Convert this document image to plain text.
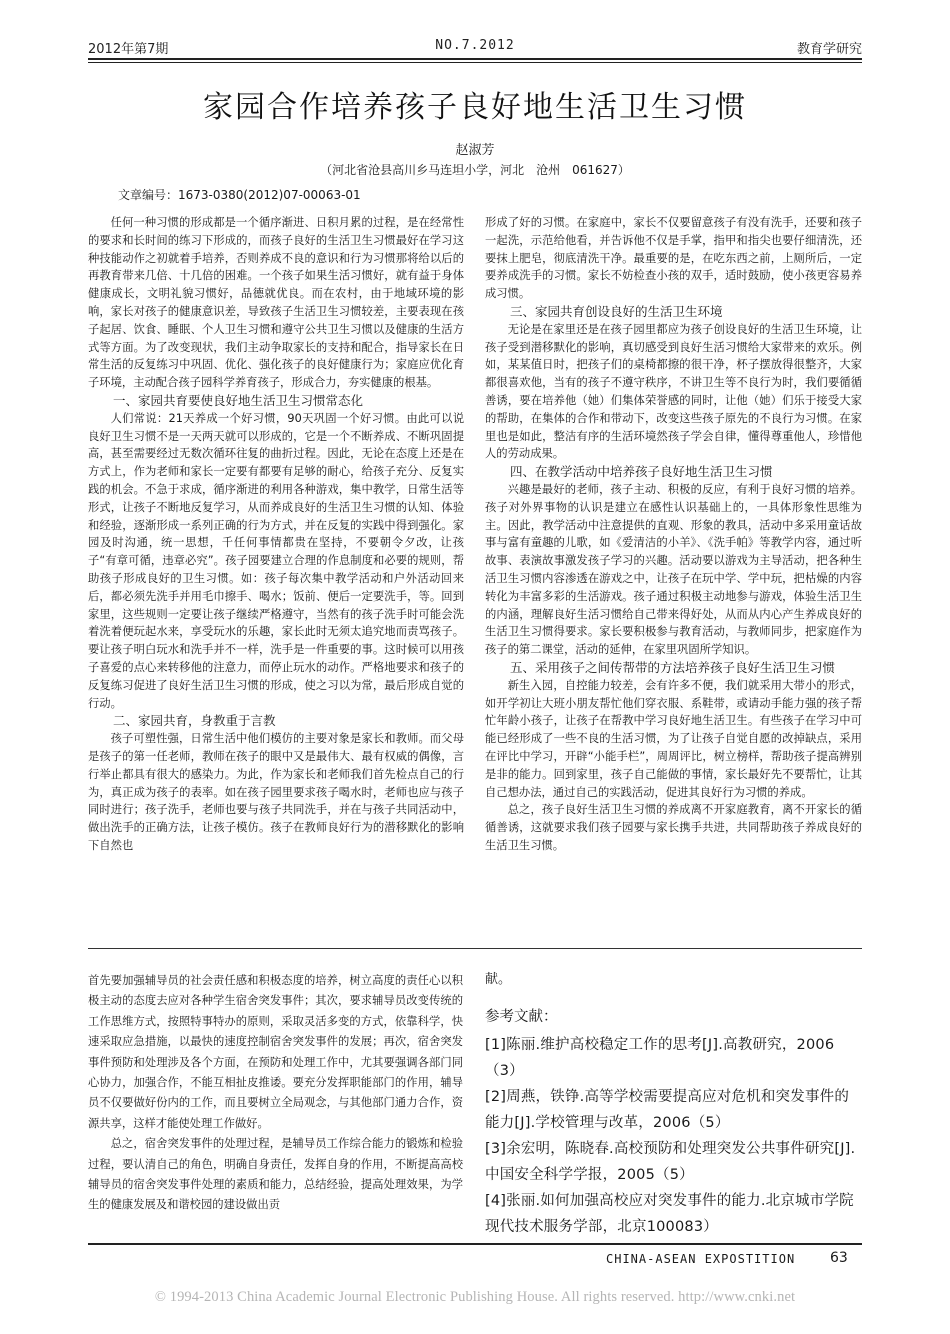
2012年第7期	NO.7.2012	教育学研究
家园合作培养孩子良好地生活卫生习惯
赵淑芳
（河北省沧县高川乡马连坦小学，河北　沧州　061627）
文章编号：1673-0380(2012)07-00063-01

任何一种习惯的形成都是一个循序渐进、日积月累的过程，是在经常性的要求和长时间的练习下形成的，而孩子良好的生活卫生习惯最好在学习这种技能动作之初就着手培养，否则养成不良的意识和行为习惯那将给以后的再教育带来几倍、十几倍的困难。一个孩子如果生活习惯好，就有益于身体健康成长，文明礼貌习惯好，品德就优良。而在农村，由于地域环境的影响，家长对孩子的健康意识差，导致孩子生活卫生习惯较差，主要表现在孩子起居、饮食、睡眠、个人卫生习惯和遵守公共卫生习惯以及健康的生活方式等方面。为了改变现状，我们主动争取家长的支持和配合，指导家长在日常生活的反复练习中巩固、优化、强化孩子的良好健康行为；家庭应优化育子环境，主动配合孩子园科学养育孩子，形成合力，夯实健康的根基。

一、家园共育要使良好地生活卫生习惯常态化

人们常说：21天养成一个好习惯，90天巩固一个好习惯。由此可以说良好卫生习惯不是一天两天就可以形成的，它是一个不断养成、不断巩固提高，甚至需要经过无数次循环往复的曲折过程。因此，无论在态度上还是在方式上，作为老师和家长一定要有都要有足够的耐心，给孩子充分、反复实践的机会。不急于求成，循序渐进的利用各种游戏，集中教学，日常生活等形式，让孩子不断地反复学习，从而养成良好的生活卫生习惯的认知、体验和经验，逐渐形成一系列正确的行为方式，并在反复的实践中得到强化。家园及时沟通，统一思想，千任何事情都贵在坚持，不要朝令夕改，让孩子“有章可循，违章必究”。孩子园要建立合理的作息制度和必要的规则，帮助孩子形成良好的卫生习惯。如：孩子每次集中教学活动和户外活动回来后，都必须先洗手并用毛巾擦手、喝水；饭前、便后一定要洗手，等。回到家里，这些规则一定要让孩子继续严格遵守，当然有的孩子洗手时可能会洗着洗着便玩起水来，享受玩水的乐趣，家长此时无须太追究地而责骂孩子。要让孩子明白玩水和洗手并不一样，洗手是一件重要的事。这时候可以用孩子喜爱的点心来转移他的注意力，而停止玩水的动作。严格地要求和孩子的反复练习促进了良好生活卫生习惯的形成，使之习以为常，最后形成自觉的行动。

二、家园共育，身教重于言教

孩子可塑性强，日常生活中他们模仿的主要对象是家长和教师。而父母是孩子的第一任老师，教师在孩子的眼中又是最伟大、最有权威的偶像，言行举止都具有很大的感染力。为此，作为家长和老师我们首先检点自己的行为，真正成为孩子的表率。如在孩子园里要求孩子喝水时，老师也应与孩子同时进行；孩子洗手，老师也要与孩子共同洗手，并在与孩子共同活动中，做出洗手的正确方法，让孩子模仿。孩子在教师良好行为的潜移默化的影响下自然也

形成了好的习惯。在家庭中，家长不仅要留意孩子有没有洗手，还要和孩子一起洗，示范给他看，并告诉他不仅是手掌，指甲和指尖也要仔细清洗，还要抹上肥皂，彻底清洗干净。最重要的是，在吃东西之前，上厕所后，一定要养成洗手的习惯。家长不妨检查小孩的双手，适时鼓励，使小孩更容易养成习惯。

三、家园共育创设良好的生活卫生环境

无论是在家里还是在孩子园里都应为孩子创设良好的生活卫生环境，让孩子受到潜移默化的影响，真切感受到良好生活习惯给大家带来的欢乐。例如，某某值日时，把孩子们的桌椅都擦的很干净，杯子摆放得很整齐，大家都很喜欢他，当有的孩子不遵守秩序，不讲卫生等不良行为时，我们要循循善诱，要在培养他（她）们集体荣誉感的同时，让他（她）们乐于接受大家的帮助，在集体的合作和带动下，改变这些孩子原先的不良行为习惯。在家里也是如此，整洁有序的生活环境然孩子学会自律，懂得尊重他人，珍惜他人的劳动成果。

四、在教学活动中培养孩子良好地生活卫生习惯

兴趣是最好的老师，孩子主动、积极的反应，有利于良好习惯的培养。孩子对外界事物的认识是建立在感性认识基础上的，一具体形象性思维为主。因此，教学活动中注意提供的直观、形象的教具，活动中多采用童话故事与富有童趣的儿歌，如《爱清洁的小羊》、《洗手帕》等教学内容，通过听故事、表演故事激发孩子学习的兴趣。活动要以游戏为主导活动，把各种生活卫生习惯内容渗透在游戏之中，让孩子在玩中学、学中玩，把枯燥的内容转化为丰富多彩的生活游戏。孩子通过积极主动地参与游戏，体验生活卫生的内涵，理解良好生活习惯给自己带来得好处，从而从内心产生养成良好的生活卫生习惯得要求。家长要积极参与教育活动，与教师同步，把家庭作为孩子的第二课堂，活动的延伸，在家里巩固所学知识。

五、采用孩子之间传帮带的方法培养孩子良好生活卫生习惯

新生入园，自控能力较差，会有许多不便，我们就采用大带小的形式，如开学初让大班小朋友帮忙他们穿衣服、系鞋带，或请动手能力强的孩子帮忙年龄小孩子，让孩子在帮教中学习良好地生活卫生。有些孩子在学习中可能已经形成了一些不良的生活习惯，为了让孩子自觉自愿的改掉缺点，采用在评比中学习，开辟“小能手栏”，周周评比，树立榜样，帮助孩子提高辨别是非的能力。回到家里，孩子自己能做的事情，家长最好先不要帮忙，让其自己想办法，通过自己的实践活动，促进其良好行为习惯的养成。

总之，孩子良好生活卫生习惯的养成离不开家庭教育，离不开家长的循循善诱，这就要求我们孩子园要与家长携手共进，共同帮助孩子养成良好的生活卫生习惯。

首先要加强辅导员的社会责任感和积极态度的培养，树立高度的责任心以积极主动的态度去应对各种学生宿舍突发事件；其次，要求辅导员改变传统的工作思维方式，按照特事特办的原则，采取灵活多变的方式，依靠科学，快速采取应急措施，以最快的速度控制宿舍突发事件的发展；再次，宿舍突发事件预防和处理涉及各个方面，在预防和处理工作中，尤其要强调各部门同心协力，加强合作，不能互相扯皮推诿。要充分发挥职能部门的作用，辅导员不仅要做好份内的工作，而且要树立全局观念，与其他部门通力合作，资源共享，这样才能使处理工作做好。

总之，宿舍突发事件的处理过程，是辅导员工作综合能力的锻炼和检验过程，要认清自己的角色，明确自身责任，发挥自身的作用，不断提高高校辅导员的宿舍突发事件处理的素质和能力，总结经验，提高处理效果，为学生的健康发展及和谐校园的建设做出贡

献。
参考文献：
[1]陈丽.维护高校稳定工作的思考[J].高教研究，2006（3）
[2]周燕，铁铮.高等学校需要提高应对危机和突发事件的能力[J].学校管理与改革，2006（5）
[3]余宏明，陈晓春.高校预防和处理突发公共事件研究[J].中国安全科学学报，2005（5）
[4]张丽.如何加强高校应对突发事件的能力.北京城市学院现代技术服务学部，北京100083）
CHINA-ASEAN EXPOSTITION 63
© 1994-2013 China Academic Journal Electronic Publishing House. All rights reserved. http://www.cnki.net
